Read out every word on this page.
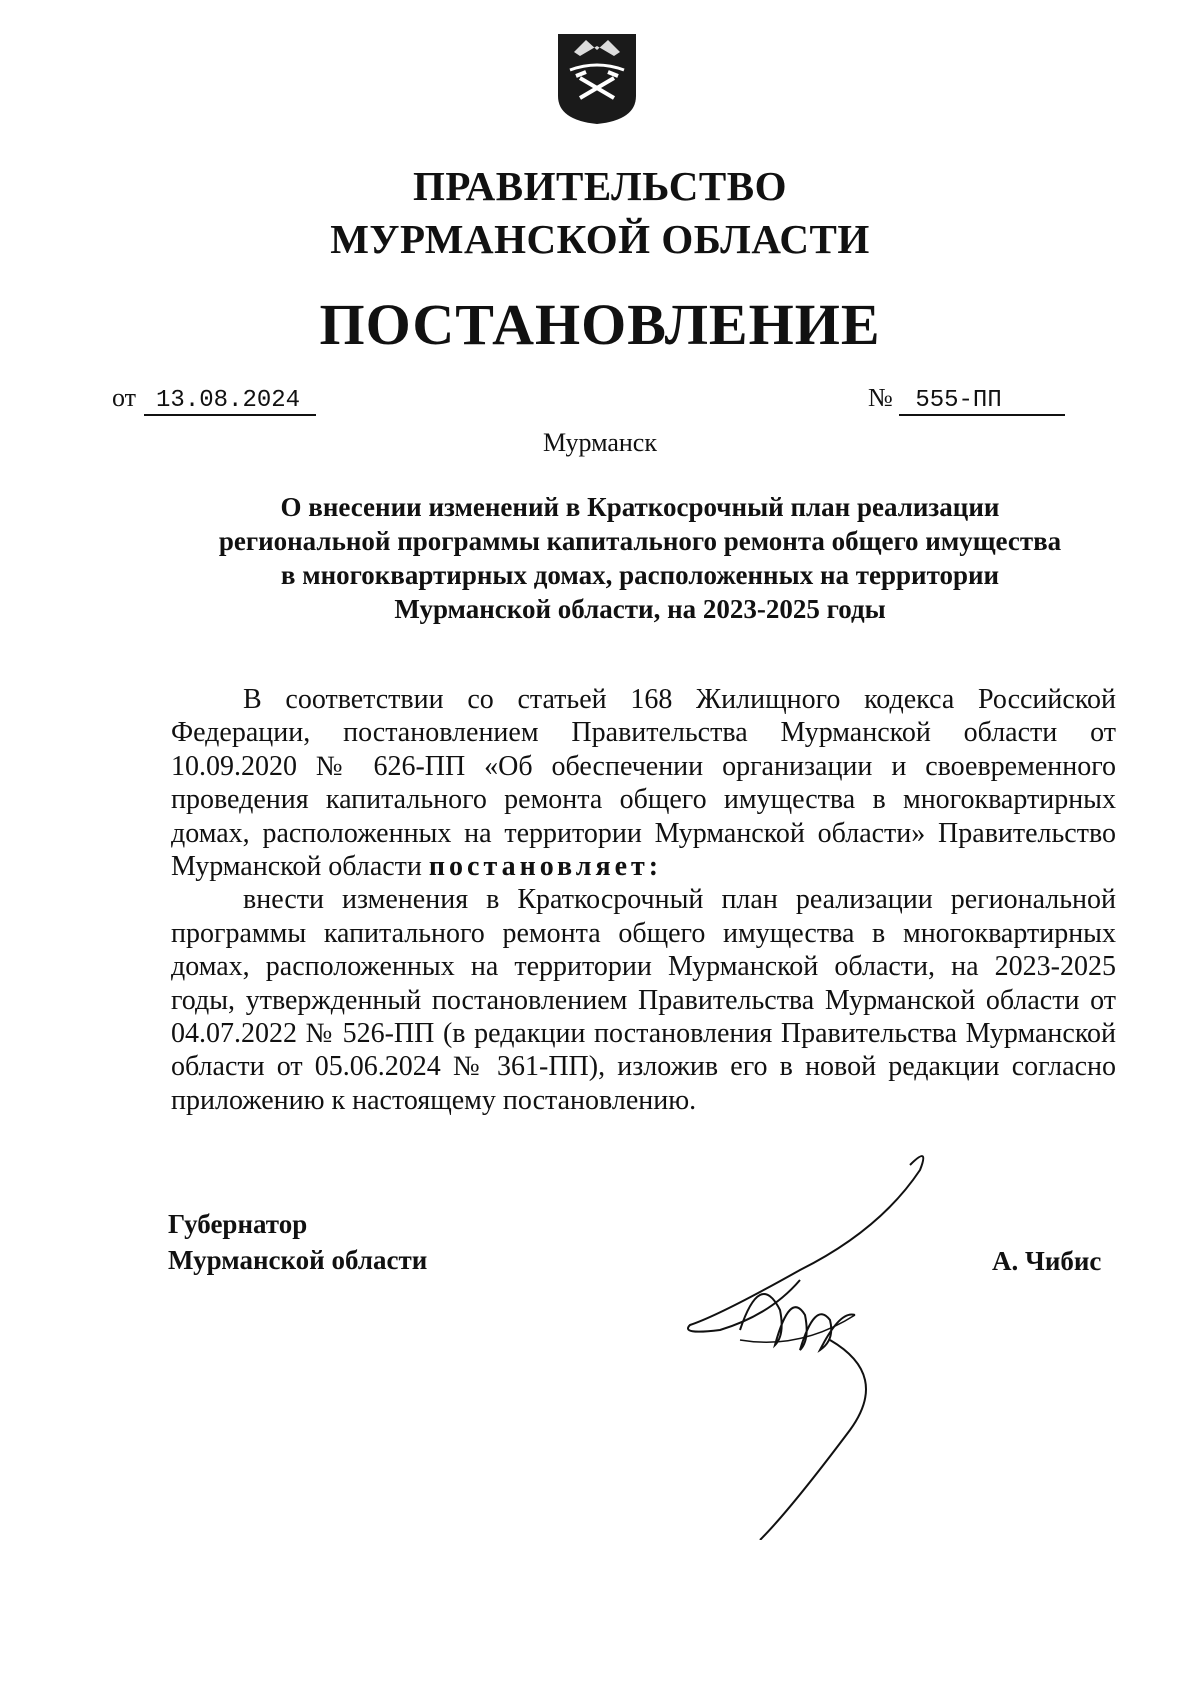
ПРАВИТЕЛЬСТВО
МУРМАНСКОЙ ОБЛАСТИ
ПОСТАНОВЛЕНИЕ
от 13.08.2024	№ 555-ПП
Мурманск
О внесении изменений в Краткосрочный план реализации
региональной программы капитального ремонта общего имущества
в многоквартирных домах, расположенных на территории
Мурманской области, на 2023-2025 годы

В соответствии со статьей 168 Жилищного кодекса Российской Федерации, постановлением Правительства Мурманской области от 10.09.2020 № 626-ПП «Об обеспечении организации и своевременного проведения капитального ремонта общего имущества в многоквартирных домах, расположенных на территории Мурманской области» Правительство Мурманской области постановляет:

внести изменения в Краткосрочный план реализации региональной программы капитального ремонта общего имущества в многоквартирных домах, расположенных на территории Мурманской области, на 2023-2025 годы, утвержденный постановлением Правительства Мурманской области от 04.07.2022 № 526-ПП (в редакции постановления Правительства Мурманской области от 05.06.2024 № 361-ПП), изложив его в новой редакции согласно приложению к настоящему постановлению.

Губернатор
Мурманской области	А. Чибис
